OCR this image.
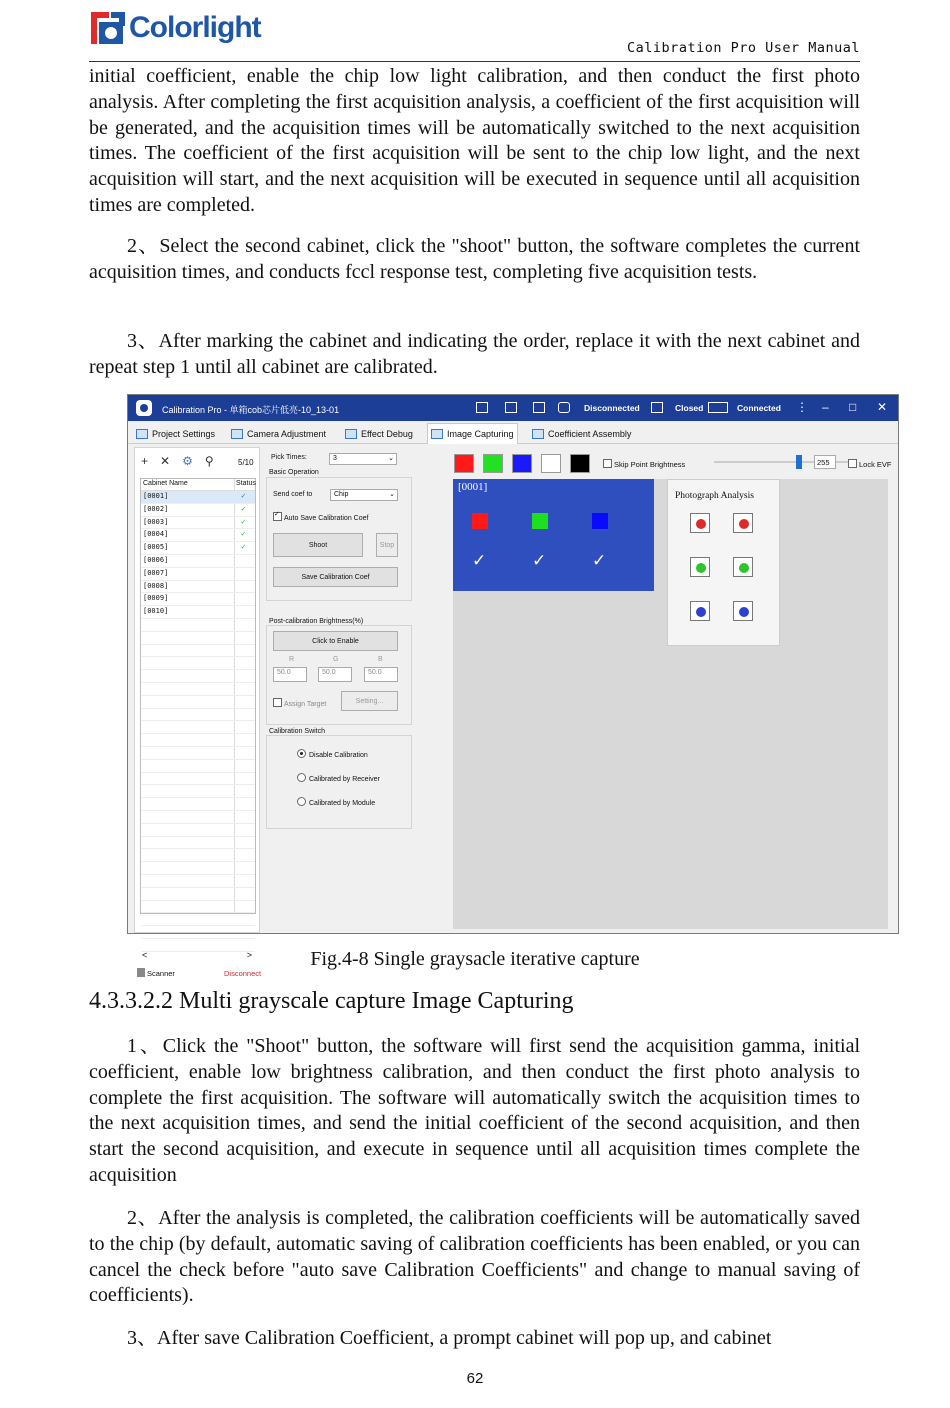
Colorlight
Calibration Pro User Manual
initial coefficient, enable the chip low light calibration, and then conduct the first photo analysis. After completing the first acquisition analysis, a coefficient of the first acquisition will be generated, and the acquisition times will be automatically switched to the next acquisition times. The coefficient of the first acquisition will be sent to the chip low light, and the next acquisition will start, and the next acquisition will be executed in sequence until all acquisition times are completed.
2、Select the second cabinet, click the "shoot" button, the software completes the current acquisition times, and conducts fccl response test, completing five acquisition tests.
3、After marking the cabinet and indicating the order, replace it with the next cabinet and repeat step 1 until all cabinet are calibrated.
Calibration Pro - 单箱cob芯片低亮-10_13-01	Disconnected	Closed	Connected ⋮ – □ ✕
Project Settings	Camera Adjustment	Effect Debug	Image Capturing	Coefficient Assembly
+ ✕ ⚙ ⚲	5/10
Cabinet Name	Status
[0001]	✓
[0002]	✓
[0003]	✓
[0004]	✓
[0005]	✓
[0006]
[0007]
[0008]
[0009]
[0010]
<	>
Scanner	Disconnect
Pick Times:	3	⌄
Basic Operation
Send coef to	Chip	⌄
✓Auto Save Calibration Coef
Shoot	Stop
Save Calibration Coef
Post-calibration Brightness(%)
Click to Enable
R	G	B
50.0	50.0	50.0
Assign Target	Setting...
Calibration Switch
Disable Calibration
Calibrated by Receiver
Calibrated by Module
Skip Point Brightness	255	Lock EVF
[0001]
✓	✓	✓
Photograph Analysis
Fig.4-8 Single graysacle iterative capture
4.3.3.2.2 Multi grayscale capture Image Capturing
1、Click the "Shoot" button, the software will first send the acquisition gamma, initial coefficient, enable low brightness calibration, and then conduct the first photo analysis to complete the first acquisition. The software will automatically switch the acquisition times to the next acquisition times, and send the initial coefficient of the second acquisition, and then start the second acquisition, and execute in sequence until all acquisition times complete the acquisition
2、After the analysis is completed, the calibration coefficients will be automatically saved to the chip (by default, automatic saving of calibration coefficients has been enabled, or you can cancel the check before "auto save Calibration Coefficients" and change to manual saving of coefficients).
3、After save Calibration Coefficient, a prompt cabinet will pop up, and cabinet
62
